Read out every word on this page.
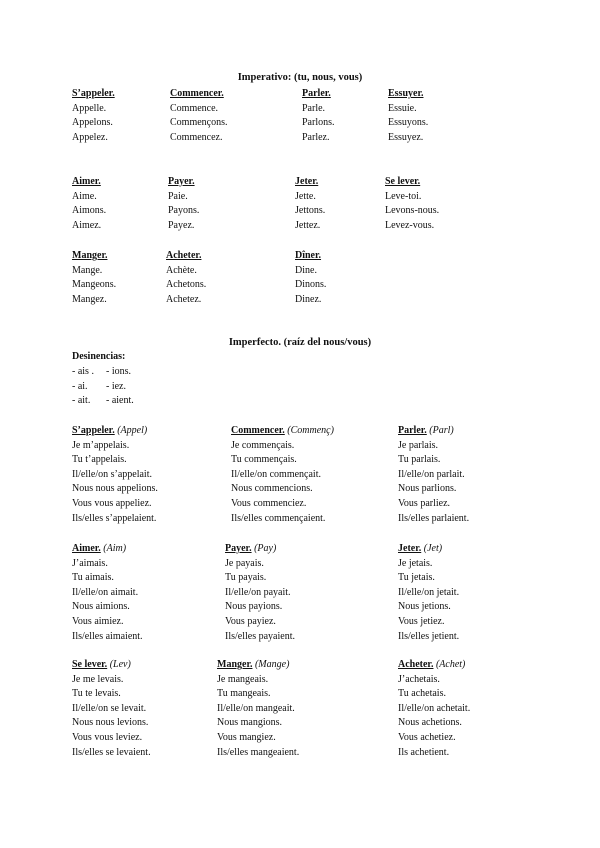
Imperativo: (tu, nous, vous)
S’appeler.
Appelle.
Appelons.
Appelez.
Commencer.
Commence.
Commençons.
Commencez.
Parler.
Parle.
Parlons.
Parlez.
Essuyer.
Essuie.
Essuyons.
Essuyez.
Aimer.
Aime.
Aimons.
Aimez.
Payer.
Paie.
Payons.
Payez.
Jeter.
Jette.
Jettons.
Jettez.
Se lever.
Leve-toi.
Levons-nous.
Levez-vous.
Manger.
Mange.
Mangeons.
Mangez.
Acheter.
Achète.
Achetons.
Achetez.
Dîner.
Dine.
Dinons.
Dinez.
Imperfecto. (raíz del nous/vous)
Desinencias:
- ais . - ions.
- ai. - iez.
- ait. - aient.
S’appeler. (Appel)
Je m’appelais.
Tu t’appelais.
Il/elle/on s’appelait.
Nous nous appelions.
Vous vous appeliez.
Ils/elles s’appelaient.
Commencer. (Commenç)
Je commençais.
Tu commençais.
Il/elle/on commençait.
Nous commencions.
Vous commenciez.
Ils/elles commençaient.
Parler. (Parl)
Je parlais.
Tu parlais.
Il/elle/on parlait.
Nous parlions.
Vous parliez.
Ils/elles parlaient.
Aimer. (Aim)
J’aimais.
Tu aimais.
Il/elle/on aimait.
Nous aimions.
Vous aimiez.
Ils/elles aimaient.
Payer. (Pay)
Je payais.
Tu payais.
Il/elle/on payait.
Nous payions.
Vous payiez.
Ils/elles payaient.
Jeter. (Jet)
Je jetais.
Tu jetais.
Il/elle/on jetait.
Nous jetions.
Vous jetiez.
Ils/elles jetient.
Se lever. (Lev)
Je me levais.
Tu te levais.
Il/elle/on se levait.
Nous nous levions.
Vous vous leviez.
Ils/elles se levaient.
Manger. (Mange)
Je mangeais.
Tu mangeais.
Il/elle/on mangeait.
Nous mangions.
Vous mangiez.
Ils/elles mangeaient.
Acheter. (Achet)
J’achetais.
Tu achetais.
Il/elle/on achetait.
Nous achetions.
Vous achetiez.
Ils achetient.
